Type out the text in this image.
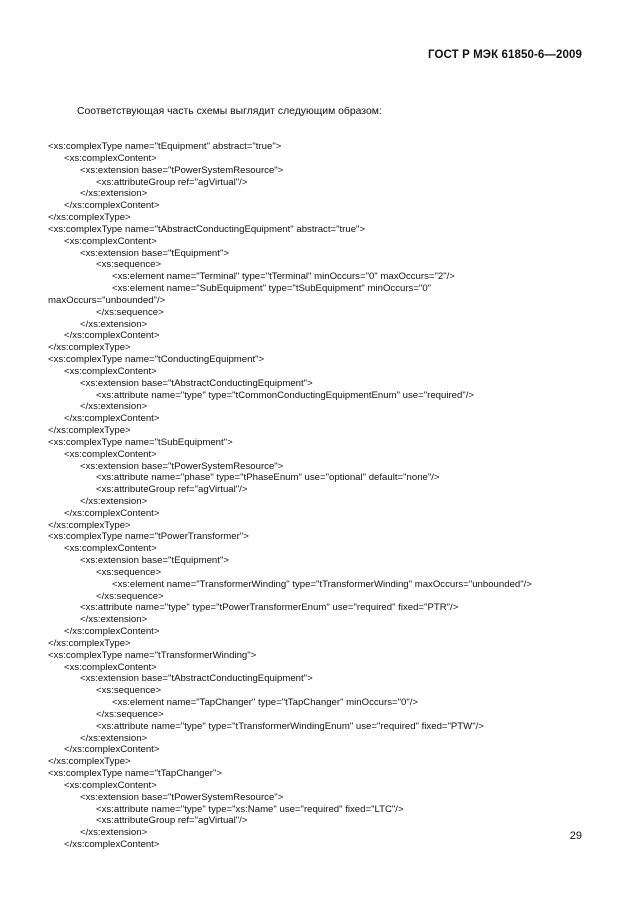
ГОСТ Р МЭК 61850-6—2009

Соответствующая часть схемы выглядит следующим образом:

<xs:complexType name="tEquipment" abstract="true">
<xs:complexContent>
<xs:extension base="tPowerSystemResource">
<xs:attributeGroup ref="agVirtual"/>
</xs:extension>
</xs:complexContent>
</xs:complexType>
<xs:complexType name="tAbstractConductingEquipment" abstract="true">
<xs:complexContent>
<xs:extension base="tEquipment">
<xs:sequence>
<xs:element name="Terminal" type="tTerminal" minOccurs="0" maxOccurs="2"/>
<xs:element name="SubEquipment" type="tSubEquipment" minOccurs="0"
maxOccurs="unbounded"/>
</xs:sequence>
</xs:extension>
</xs:complexContent>
</xs:complexType>
<xs:complexType name="tConductingEquipment">
<xs:complexContent>
<xs:extension base="tAbstractConductingEquipment">
<xs:attribute name="type" type="tCommonConductingEquipmentEnum" use="required"/>
</xs:extension>
</xs:complexContent>
</xs:complexType>
<xs:complexType name="tSubEquipment">
<xs:complexContent>
<xs:extension base="tPowerSystemResource">
<xs:attribute name="phase" type="tPhaseEnum" use="optional" default="none"/>
<xs:attributeGroup ref="agVirtual"/>
</xs:extension>
</xs:complexContent>
</xs:complexType>
<xs:complexType name="tPowerTransformer">
<xs:complexContent>
<xs:extension base="tEquipment">
<xs:sequence>
<xs:element name="TransformerWinding" type="tTransformerWinding" maxOccurs="unbounded"/>
</xs:sequence>
<xs:attribute name="type" type="tPowerTransformerEnum" use="required" fixed="PTR"/>
</xs:extension>
</xs:complexContent>
</xs:complexType>
<xs:complexType name="tTransformerWinding">
<xs:complexContent>
<xs:extension base="tAbstractConductingEquipment">
<xs:sequence>
<xs:element name="TapChanger" type="tTapChanger" minOccurs="0"/>
</xs:sequence>
<xs:attribute name="type" type="tTransformerWindingEnum" use="required" fixed="PTW"/>
</xs:extension>
</xs:complexContent>
</xs:complexType>
<xs:complexType name="tTapChanger">
<xs:complexContent>
<xs:extension base="tPowerSystemResource">
<xs:attribute name="type" type="xs:Name" use="required" fixed="LTC"/>
<xs:attributeGroup ref="agVirtual"/>
</xs:extension>
</xs:complexContent>

29
